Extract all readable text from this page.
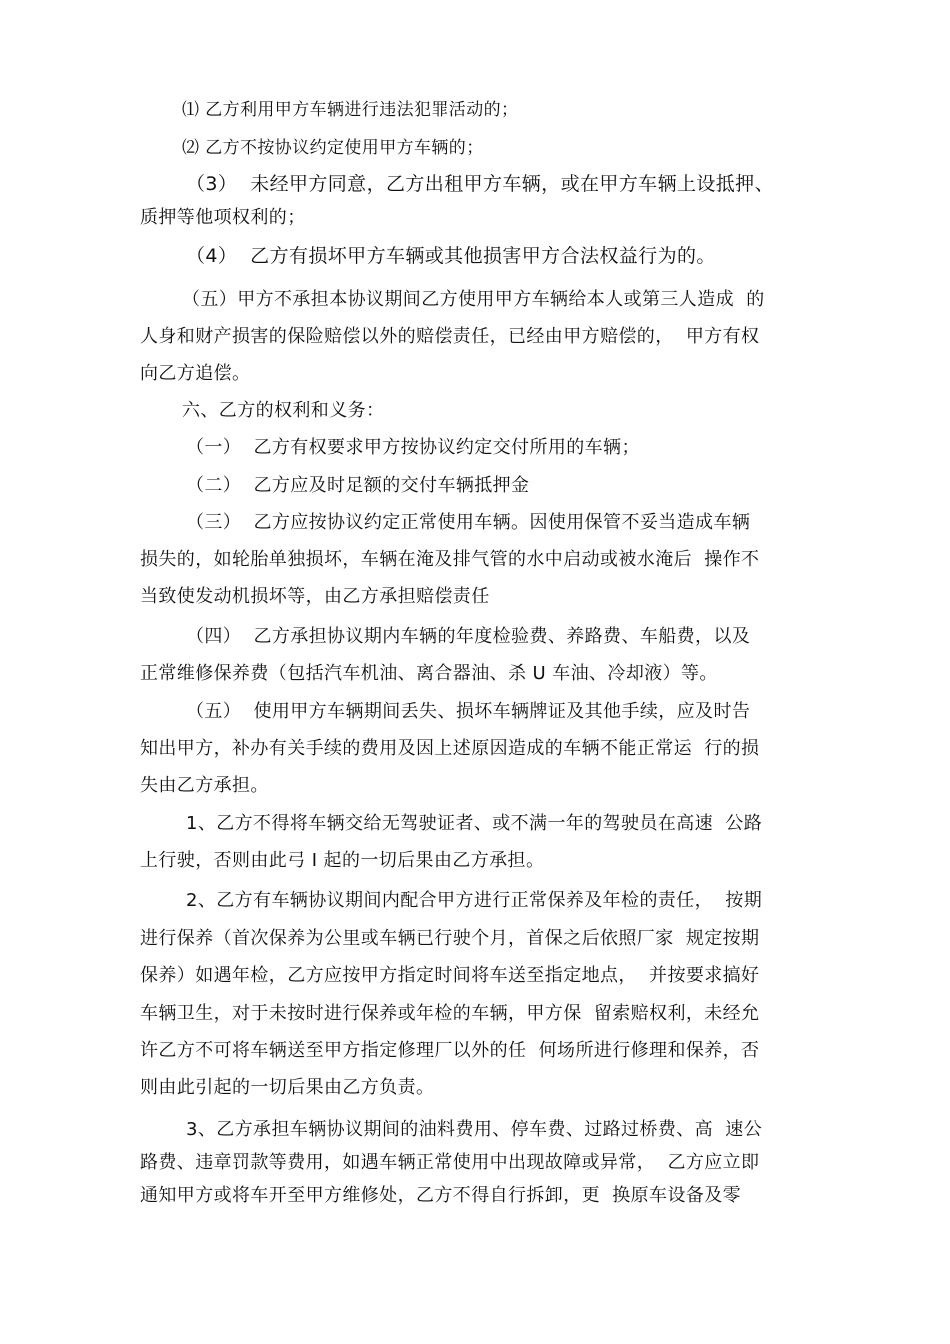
⑴ 乙方利用甲方车辆进行违法犯罪活动的；
⑵ 乙方不按协议约定使用甲方车辆的；
（3）  未经甲方同意，乙方出租甲方车辆，或在甲方车辆上设抵押、
质押等他项权利的；
（4）  乙方有损坏甲方车辆或其他损害甲方合法权益行为的。
（五）甲方不承担本协议期间乙方使用甲方车辆给本人或第三人造成  的
人身和财产损害的保险赔偿以外的赔偿责任，已经由甲方赔偿的，  甲方有权
向乙方追偿。
六、乙方的权利和义务：
（一）  乙方有权要求甲方按协议约定交付所用的车辆；
（二）  乙方应及时足额的交付车辆抵押金
（三）  乙方应按协议约定正常使用车辆。因使用保管不妥当造成车辆
损失的，如轮胎单独损坏，车辆在淹及排气管的水中启动或被水淹后  操作不
当致使发动机损坏等，由乙方承担赔偿责任
（四）  乙方承担协议期内车辆的年度检验费、养路费、车船费，以及
正常维修保养费（包括汽车机油、离合器油、杀 U 车油、冷却液）等。
（五）  使用甲方车辆期间丢失、损坏车辆牌证及其他手续，应及时告
知出甲方，补办有关手续的费用及因上述原因造成的车辆不能正常运  行的损
失由乙方承担。
1、乙方不得将车辆交给无驾驶证者、或不满一年的驾驶员在高速  公路
上行驶，否则由此弓 I 起的一切后果由乙方承担。
2、乙方有车辆协议期间内配合甲方进行正常保养及年检的责任，  按期
进行保养（首次保养为公里或车辆已行驶个月，首保之后依照厂家  规定按期
保养）如遇年检，乙方应按甲方指定时间将车送至指定地点，  并按要求搞好
车辆卫生，对于未按时进行保养或年检的车辆，甲方保  留索赔权利，未经允
许乙方不可将车辆送至甲方指定修理厂以外的任  何场所进行修理和保养，否
则由此引起的一切后果由乙方负责。
3、乙方承担车辆协议期间的油料费用、停车费、过路过桥费、高  速公
路费、违章罚款等费用，如遇车辆正常使用中出现故障或异常，  乙方应立即
通知甲方或将车开至甲方维修处，乙方不得自行拆卸，更  换原车设备及零
